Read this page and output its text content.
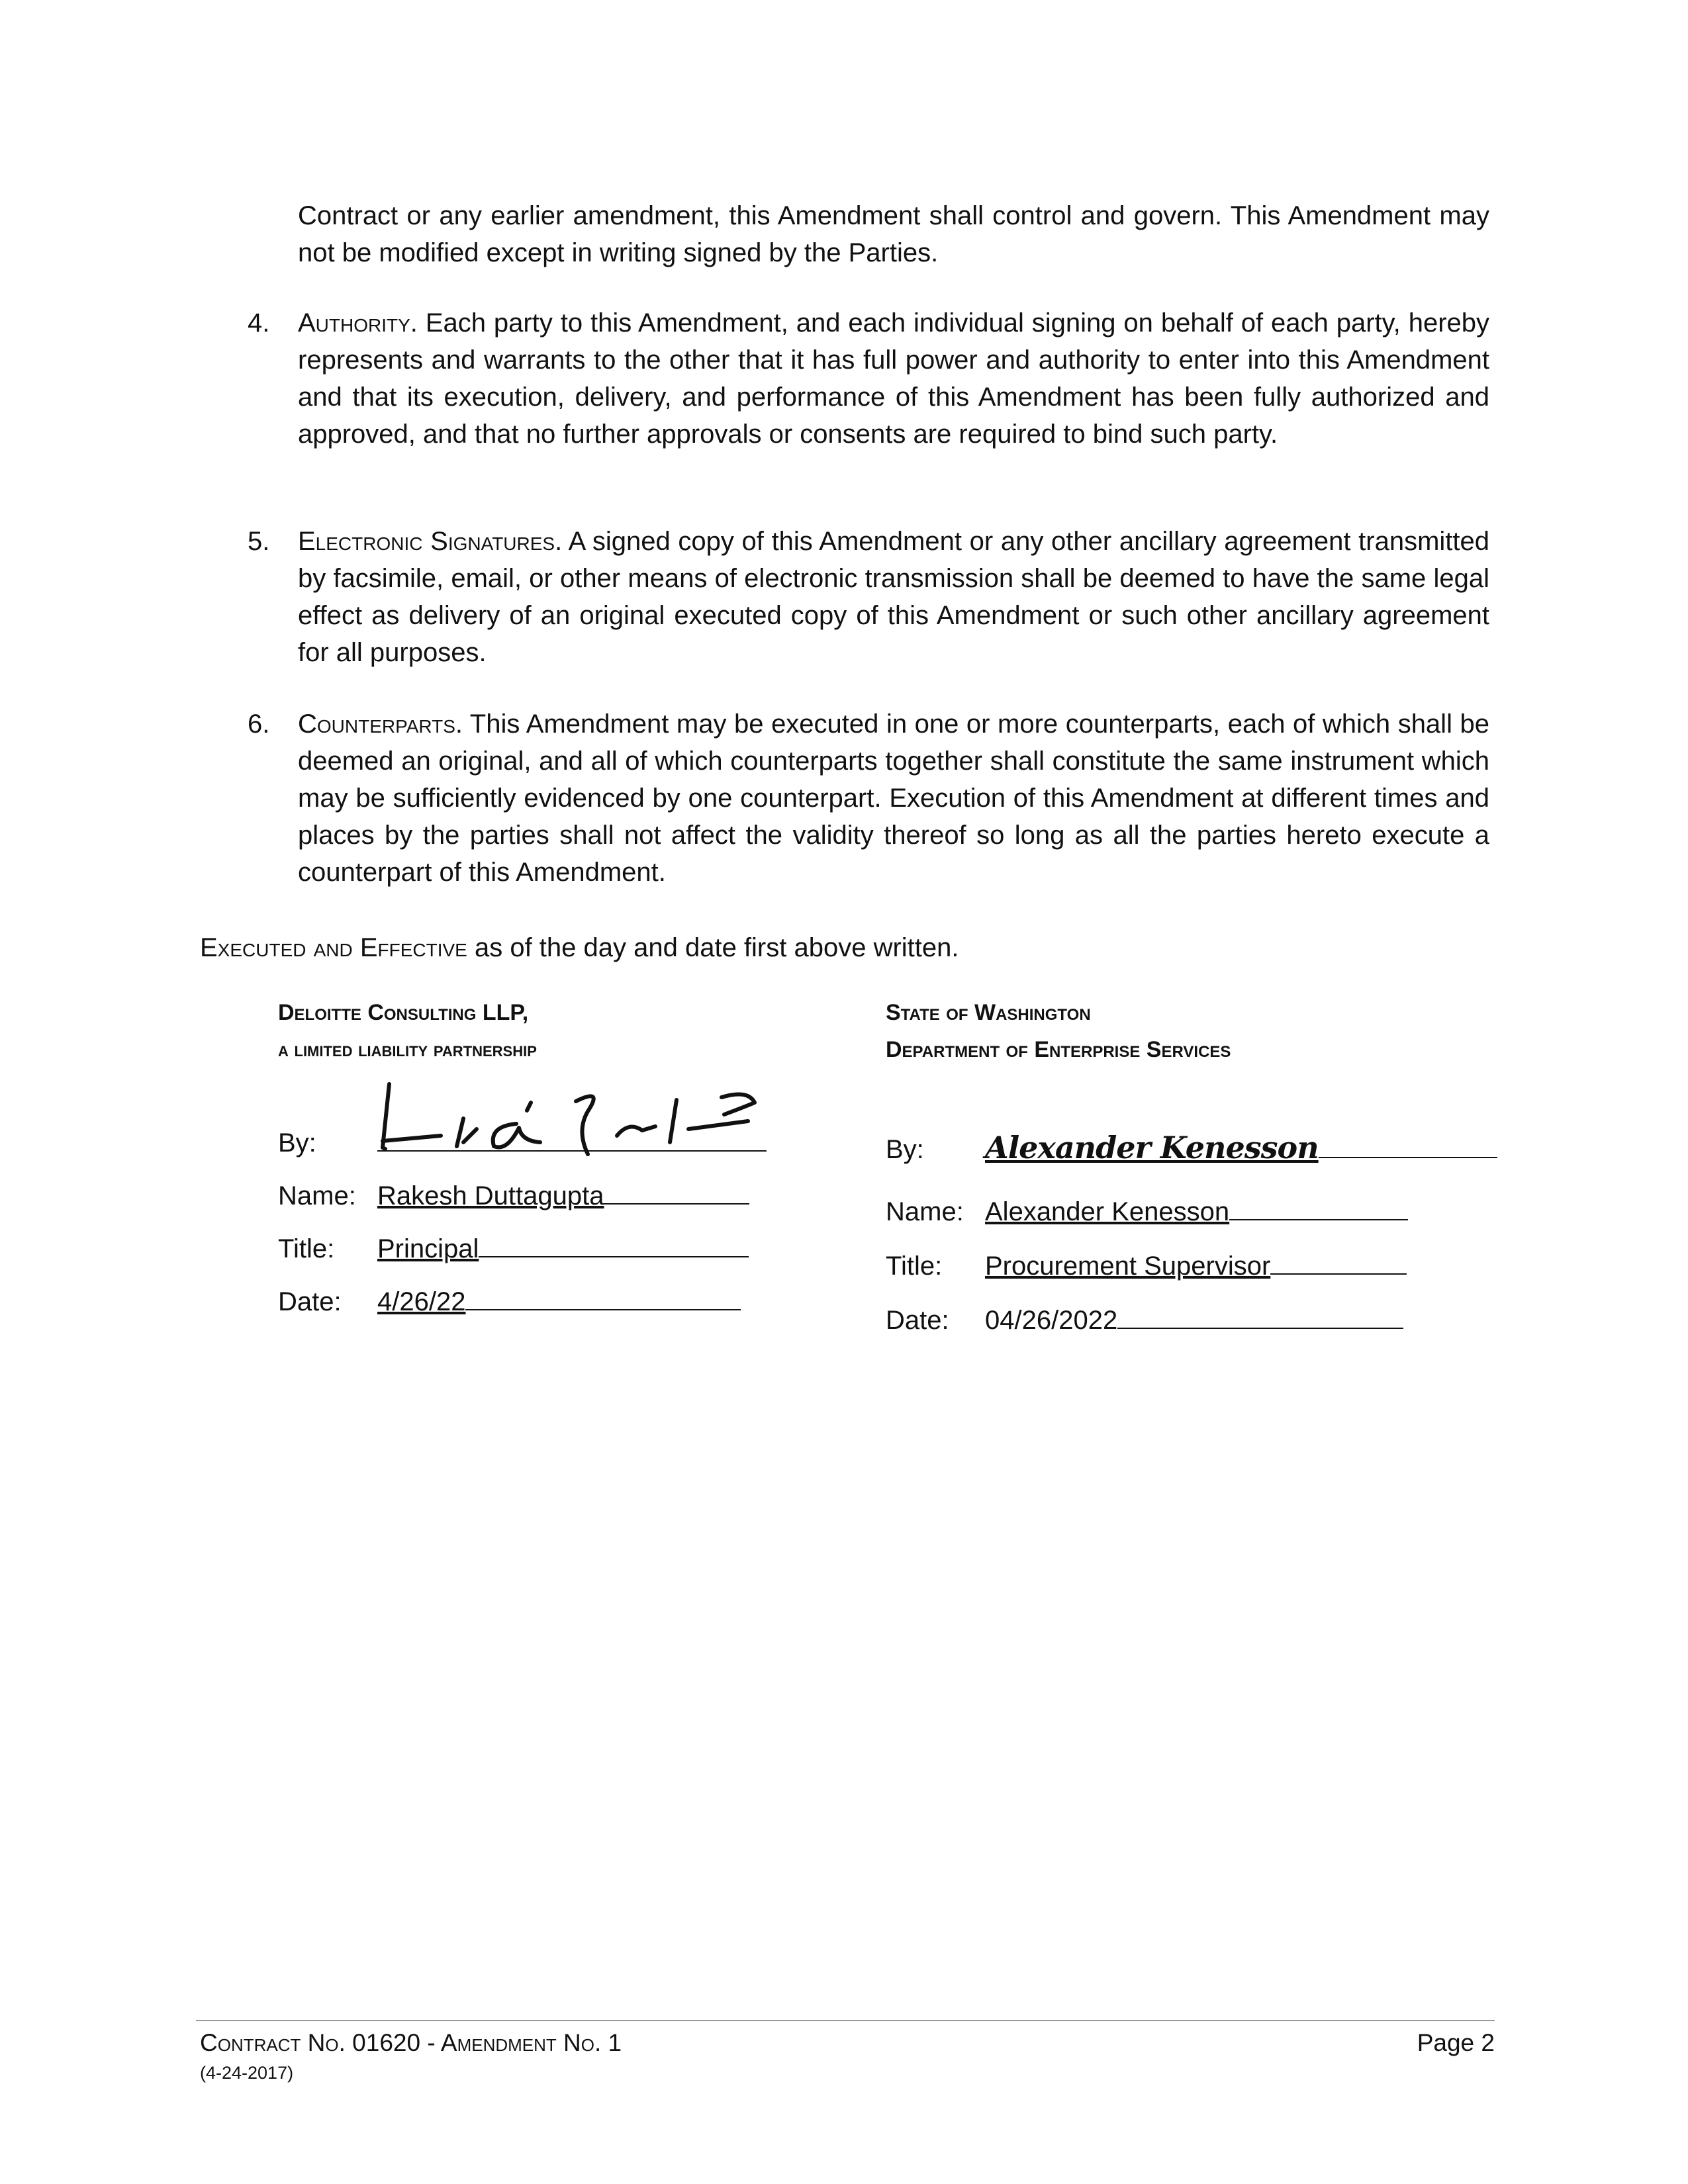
Contract or any earlier amendment, this Amendment shall control and govern. This Amendment may not be modified except in writing signed by the Parties.
4.	Authority. Each party to this Amendment, and each individual signing on behalf of each party, hereby represents and warrants to the other that it has full power and authority to enter into this Amendment and that its execution, delivery, and performance of this Amendment has been fully authorized and approved, and that no further approvals or consents are required to bind such party.
5.	Electronic Signatures. A signed copy of this Amendment or any other ancillary agreement transmitted by facsimile, email, or other means of electronic transmission shall be deemed to have the same legal effect as delivery of an original executed copy of this Amendment or such other ancillary agreement for all purposes.
6.	Counterparts. This Amendment may be executed in one or more counterparts, each of which shall be deemed an original, and all of which counterparts together shall constitute the same instrument which may be sufficiently evidenced by one counterpart. Execution of this Amendment at different times and places by the parties shall not affect the validity thereof so long as all the parties hereto execute a counterpart of this Amendment.
Executed and Effective as of the day and date first above written.
Deloitte Consulting LLP,
a limited liability partnership
By:
Name: Rakesh Duttagupta
Title:	Principal
Date:	4/26/22
State of Washington
Department of Enterprise Services
By:	Alexander Kenesson
Name: Alexander Kenesson
Title:	Procurement Supervisor
Date:	04/26/2022
Contract No. 01620 - Amendment No. 1
(4-24-2017)
Page 2
